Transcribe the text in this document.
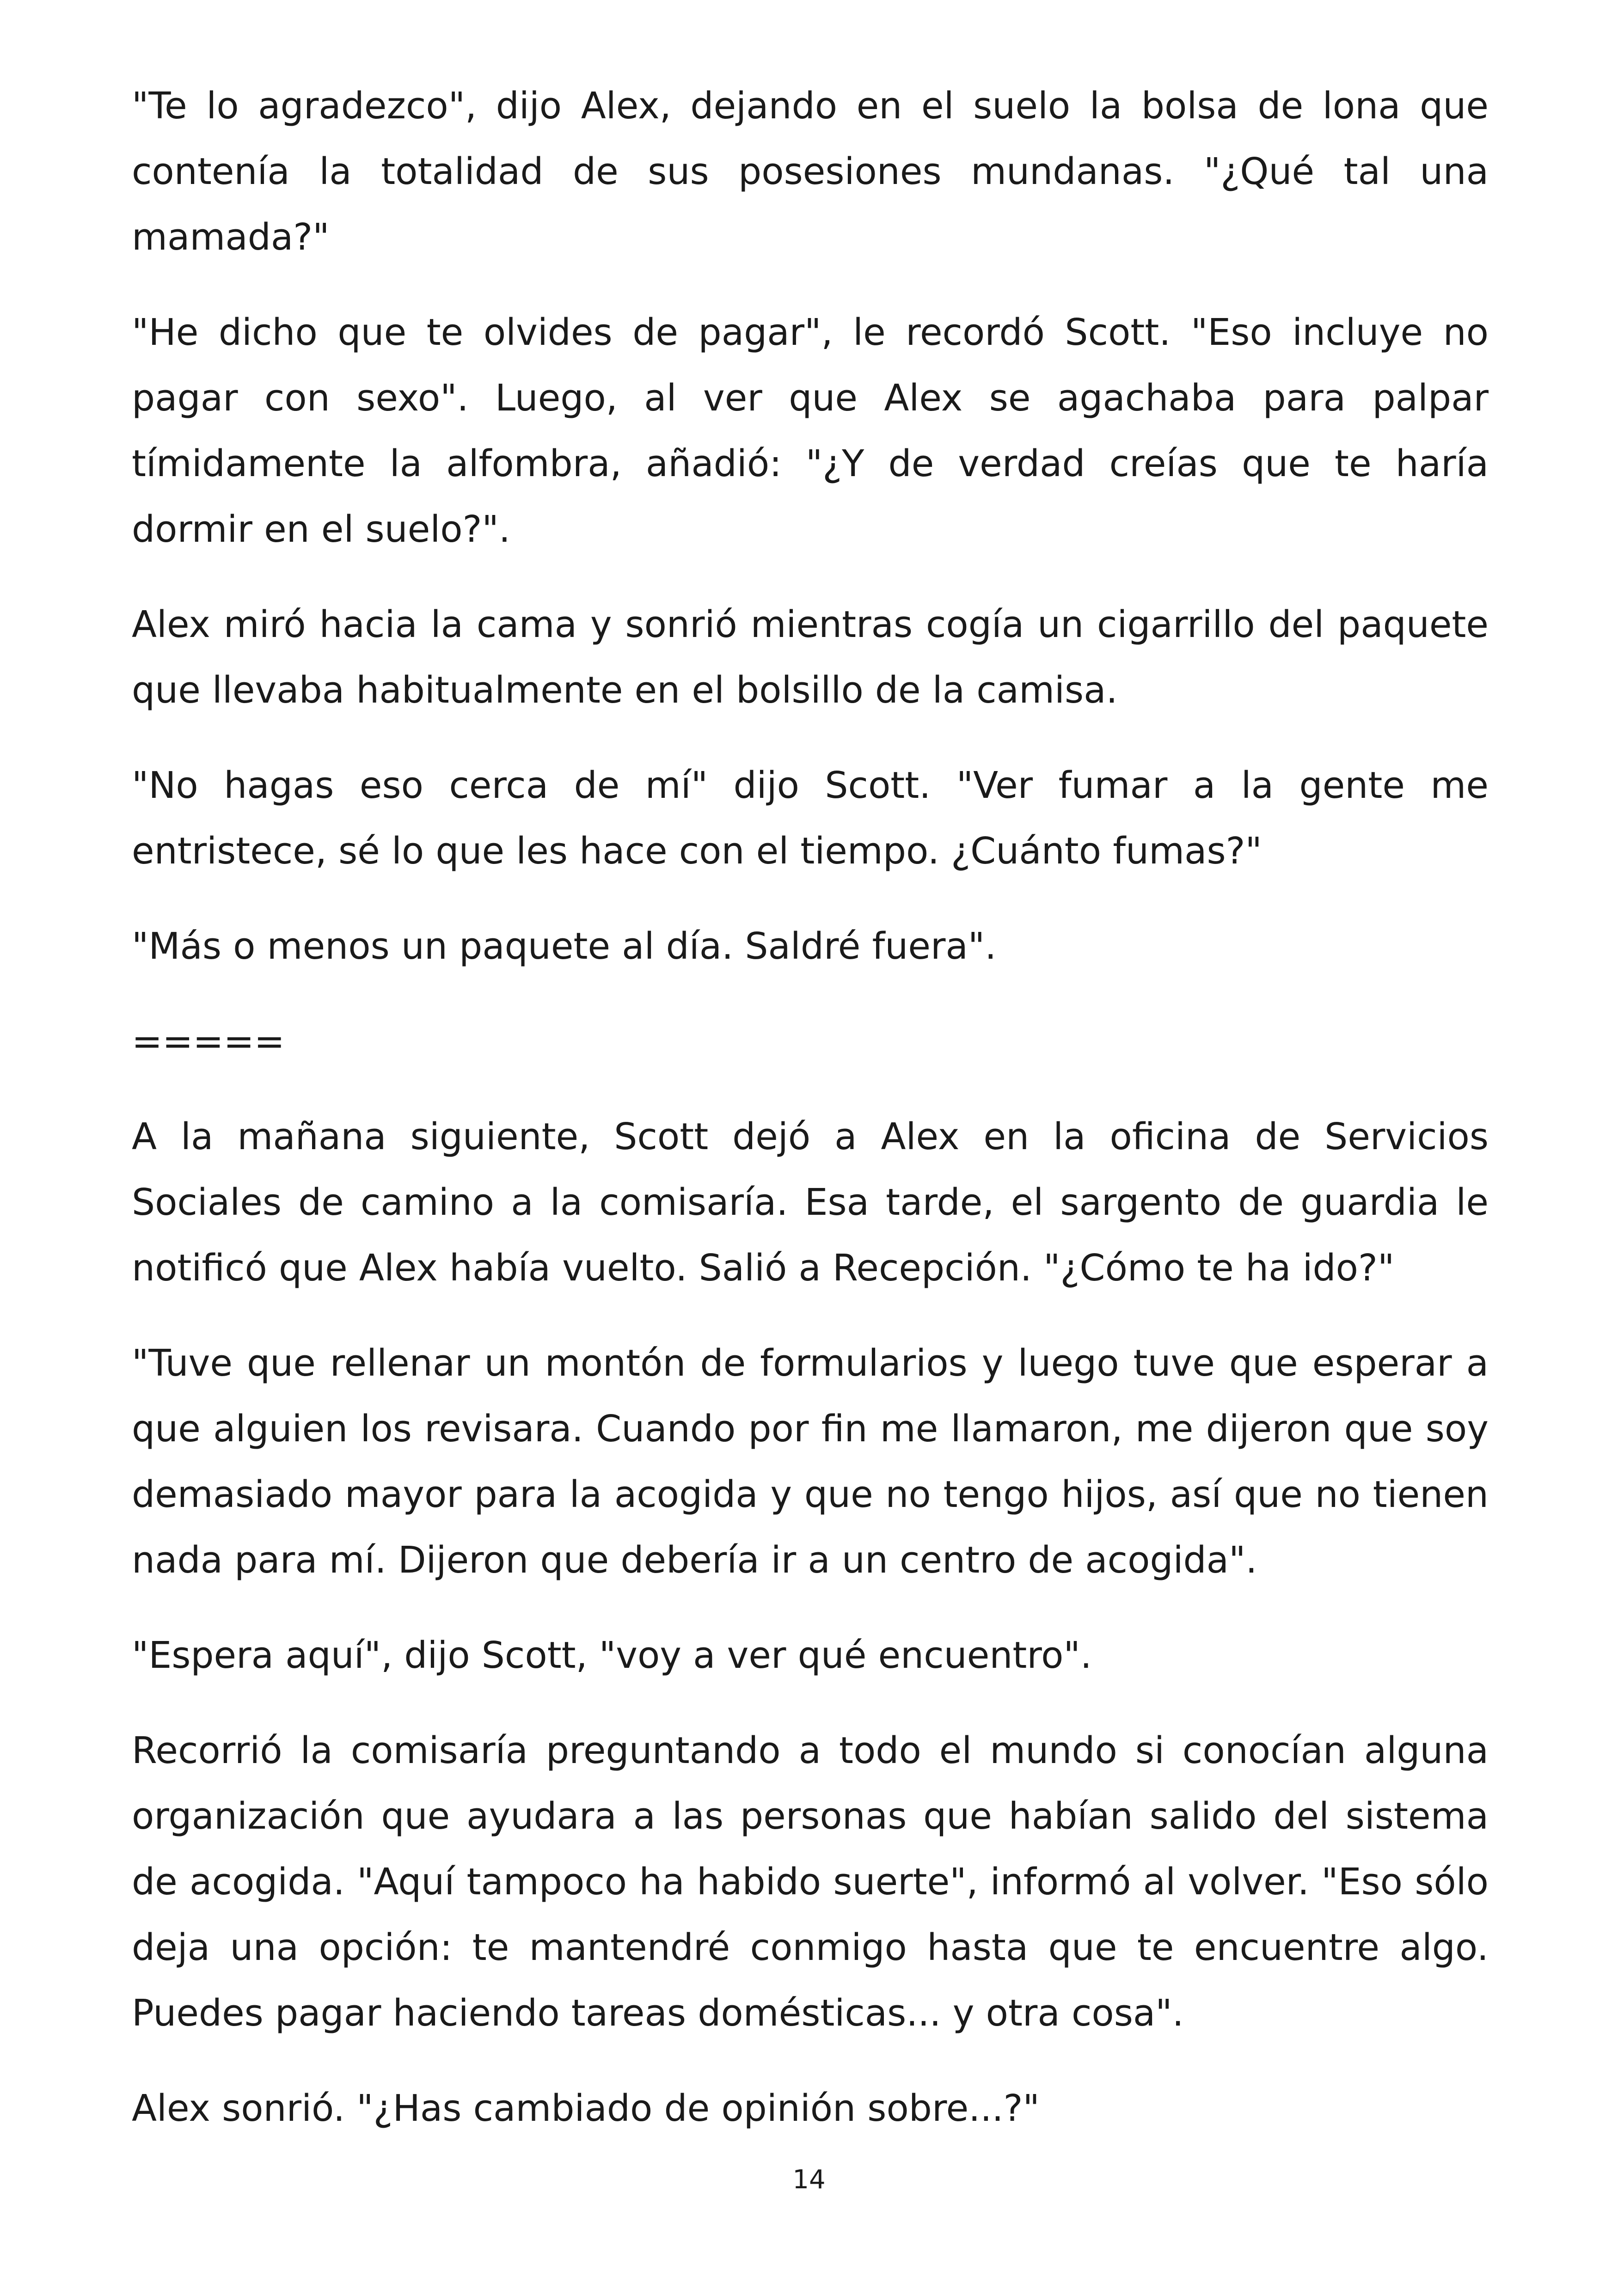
"Te lo agradezco", dijo Alex, dejando en el suelo la bolsa de lona que contenía la totalidad de sus posesiones mundanas. "¿Qué tal una mamada?"

"He dicho que te olvides de pagar", le recordó Scott. "Eso incluye no pagar con sexo". Luego, al ver que Alex se agachaba para palpar tímidamente la alfombra, añadió: "¿Y de verdad creías que te haría dormir en el suelo?".

Alex miró hacia la cama y sonrió mientras cogía un cigarrillo del paquete que llevaba habitualmente en el bolsillo de la camisa.

"No hagas eso cerca de mí" dijo Scott. "Ver fumar a la gente me entristece, sé lo que les hace con el tiempo. ¿Cuánto fumas?"

"Más o menos un paquete al día. Saldré fuera".

=====

A la mañana siguiente, Scott dejó a Alex en la oficina de Servicios Sociales de camino a la comisaría. Esa tarde, el sargento de guardia le notificó que Alex había vuelto. Salió a Recepción. "¿Cómo te ha ido?"

"Tuve que rellenar un montón de formularios y luego tuve que esperar a que alguien los revisara. Cuando por fin me llamaron, me dijeron que soy demasiado mayor para la acogida y que no tengo hijos, así que no tienen nada para mí. Dijeron que debería ir a un centro de acogida".

"Espera aquí", dijo Scott, "voy a ver qué encuentro".

Recorrió la comisaría preguntando a todo el mundo si conocían alguna organización que ayudara a las personas que habían salido del sistema de acogida. "Aquí tampoco ha habido suerte", informó al volver. "Eso sólo deja una opción: te mantendré conmigo hasta que te encuentre algo. Puedes pagar haciendo tareas domésticas... y otra cosa".

Alex sonrió. "¿Has cambiado de opinión sobre...?"

14
